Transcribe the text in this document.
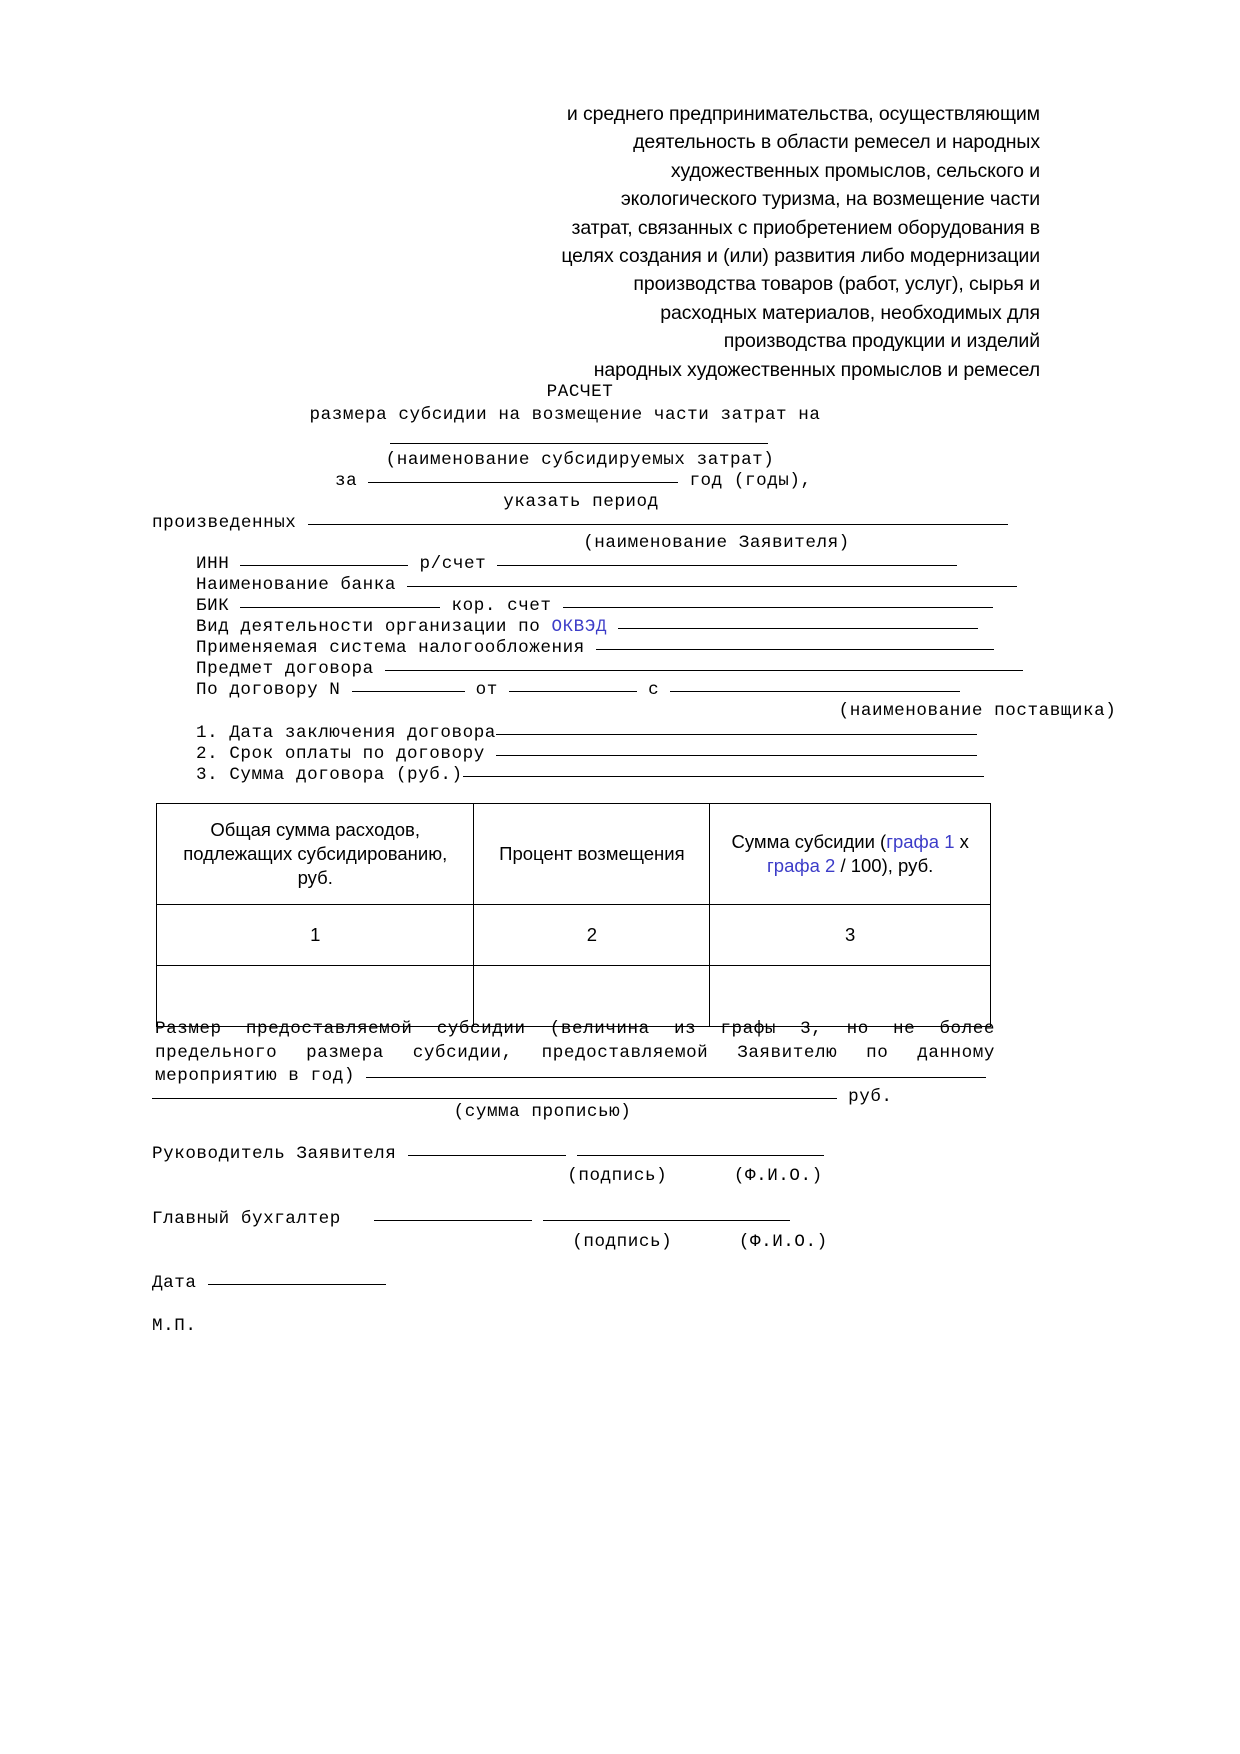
и среднего предпринимательства, осуществляющим
деятельность в области ремесел и народных
художественных промыслов, сельского и
экологического туризма, на возмещение части
затрат, связанных с приобретением оборудования в
целях создания и (или) развития либо модернизации
производства товаров (работ, услуг), сырья и
расходных материалов, необходимых для
производства продукции и изделий
народных художественных промыслов и ремесел
РАСЧЕТ
размера субсидии на возмещение части затрат на
(наименование субсидируемых затрат)
за	год (годы),
указать период
произведенных
(наименование Заявителя)
ИНН	р/счет
Наименование банка
БИК	кор. счет
Вид деятельности организации по ОКВЭД
Применяемая система налогообложения
Предмет договора
По договору N	от	с
(наименование поставщика)
1. Дата заключения договора
2. Срок оплаты по договору
3. Сумма договора (руб.)
Общая сумма расходов, подлежащих субсидированию, руб.	Процент возмещения	Сумма субсидии (графа 1 х графа 2 / 100), руб.
1	2	3

Размер предоставляемой субсидии (величина из графы 3, но не более
предельного размера субсидии, предоставляемой Заявителю по данному
мероприятию в год)
руб.
(сумма прописью)
Руководитель Заявителя
(подпись)	(Ф.И.О.)
Главный бухгалтер
(подпись)	(Ф.И.О.)
Дата
М.П.
